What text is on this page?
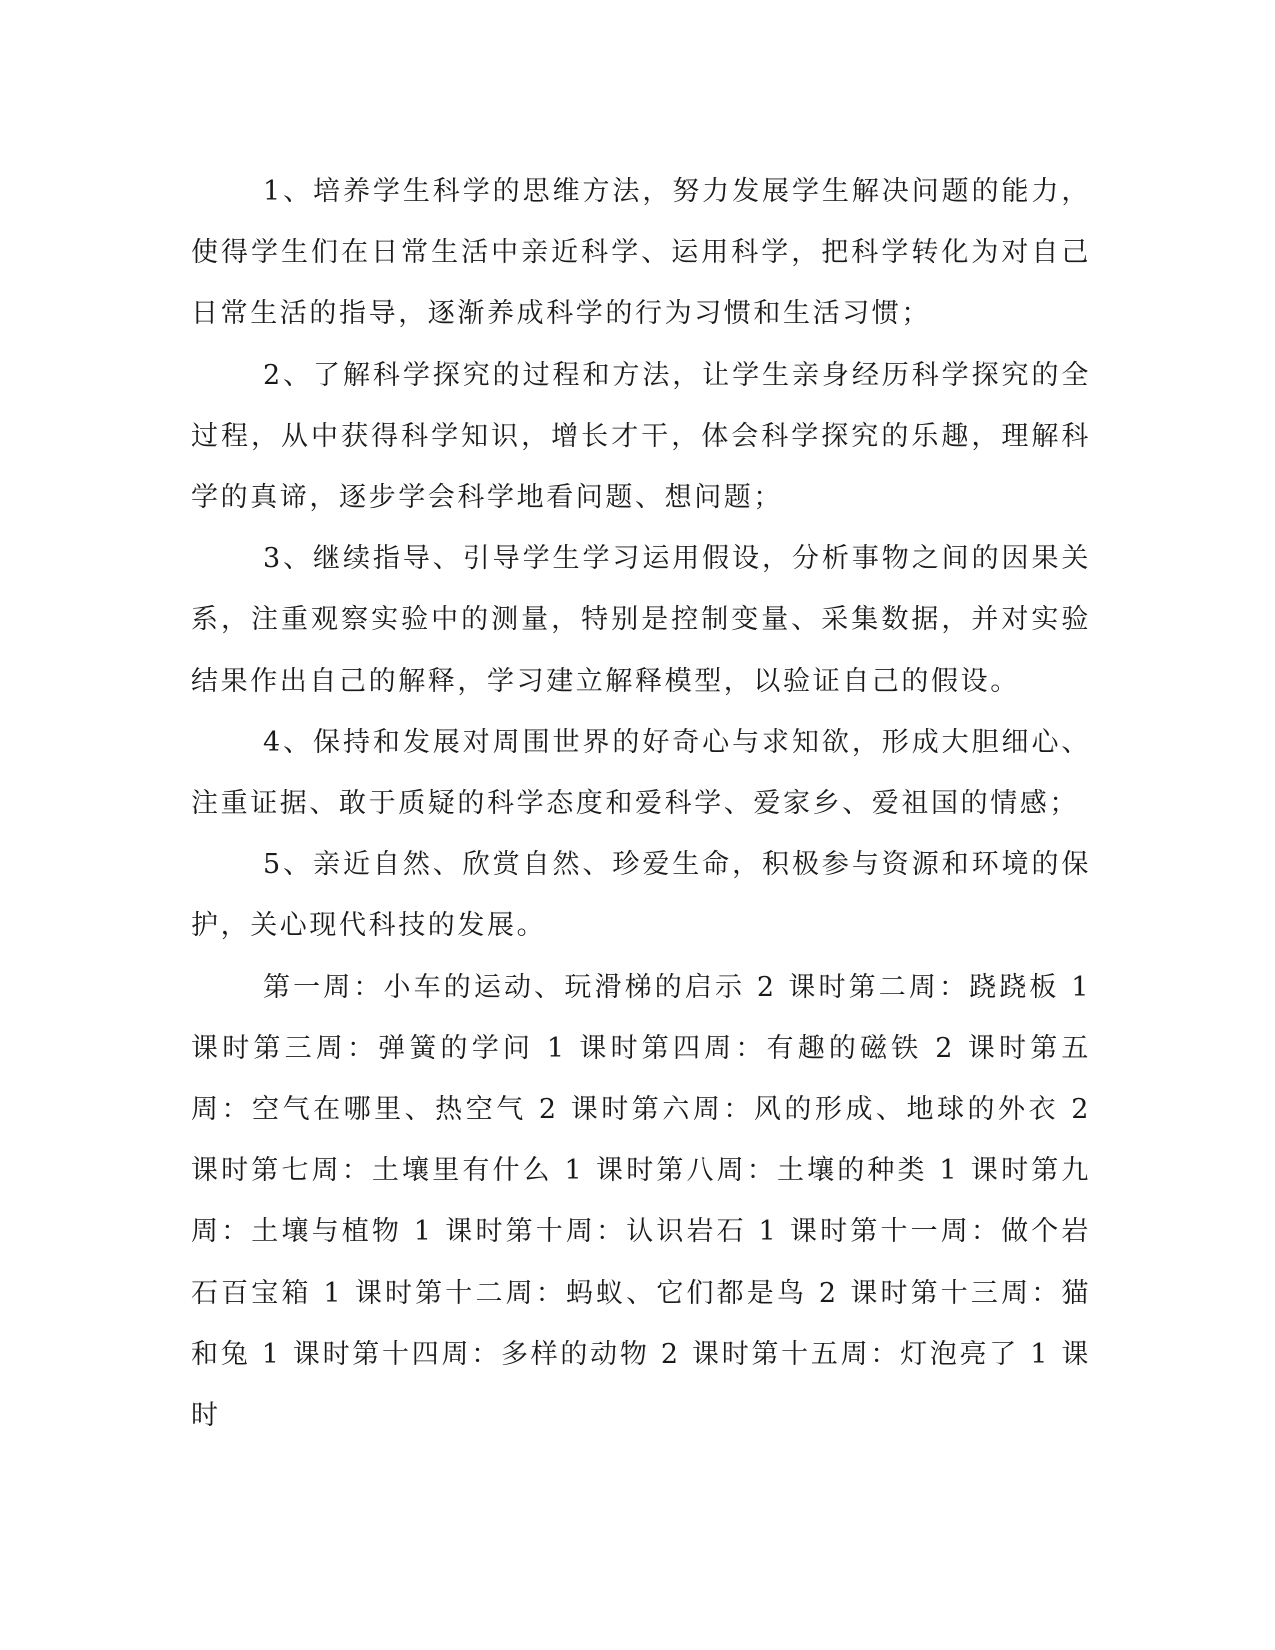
1、培养学生科学的思维方法，努力发展学生解决问题的能力，使得学生们在日常生活中亲近科学、运用科学，把科学转化为对自己日常生活的指导，逐渐养成科学的行为习惯和生活习惯；

2、了解科学探究的过程和方法，让学生亲身经历科学探究的全过程，从中获得科学知识，增长才干，体会科学探究的乐趣，理解科学的真谛，逐步学会科学地看问题、想问题；

3、继续指导、引导学生学习运用假设，分析事物之间的因果关系，注重观察实验中的测量，特别是控制变量、采集数据，并对实验结果作出自己的解释，学习建立解释模型，以验证自己的假设。

4、保持和发展对周围世界的好奇心与求知欲，形成大胆细心、注重证据、敢于质疑的科学态度和爱科学、爱家乡、爱祖国的情感；

5、亲近自然、欣赏自然、珍爱生命，积极参与资源和环境的保护，关心现代科技的发展。

第一周：小车的运动、玩滑梯的启示 2 课时第二周：跷跷板 1 课时第三周：弹簧的学问 1 课时第四周：有趣的磁铁 2 课时第五周：空气在哪里、热空气 2 课时第六周：风的形成、地球的外衣 2 课时第七周：土壤里有什么 1 课时第八周：土壤的种类 1 课时第九周：土壤与植物 1 课时第十周：认识岩石 1 课时第十一周：做个岩石百宝箱 1 课时第十二周：蚂蚁、它们都是鸟 2 课时第十三周：猫和兔 1 课时第十四周：多样的动物 2 课时第十五周：灯泡亮了 1 课时
